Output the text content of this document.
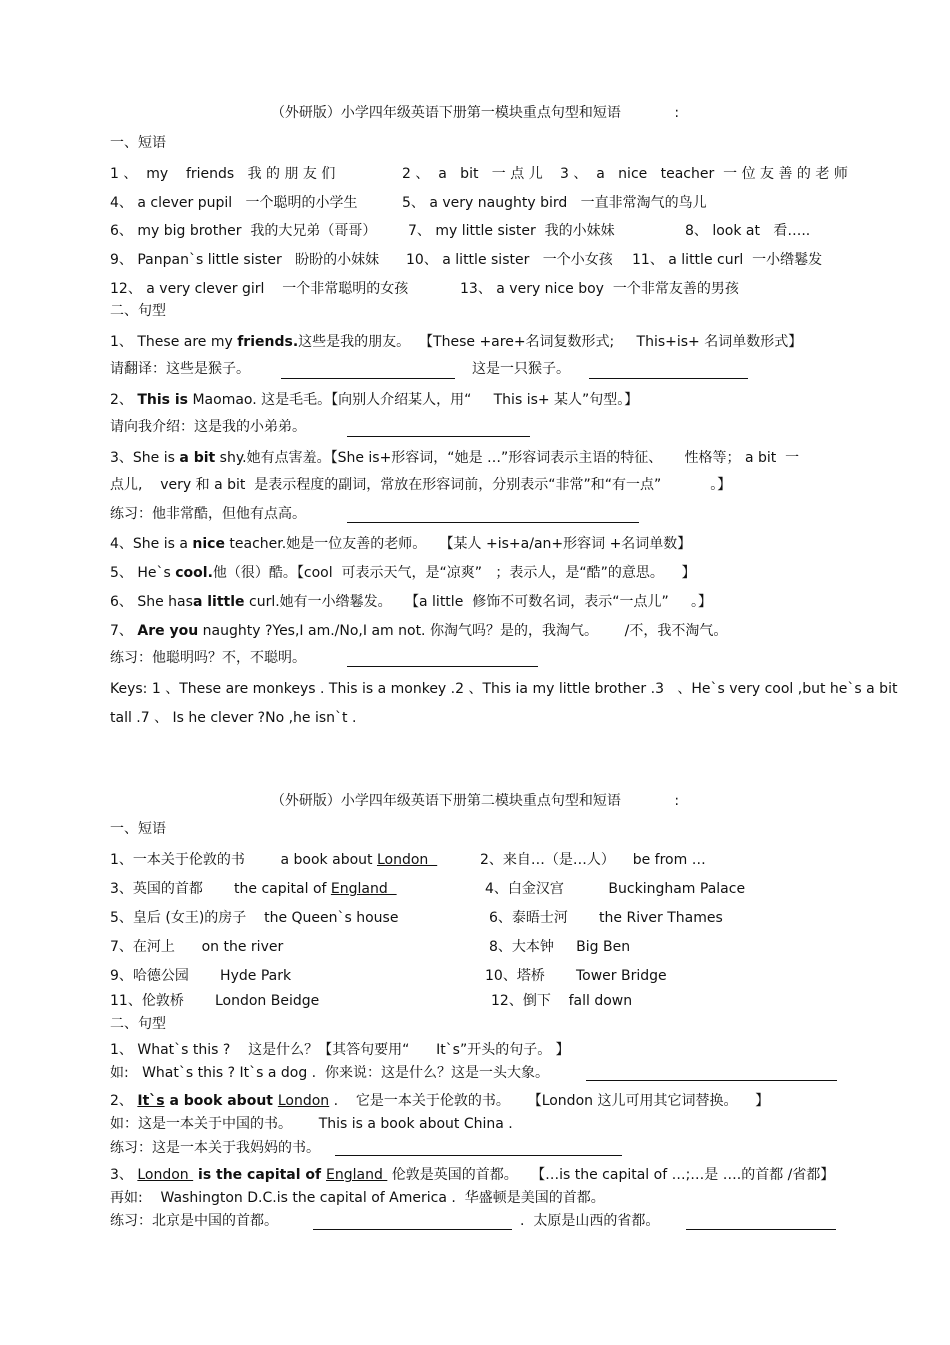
（外研版）小学四年级英语下册第一模块重点句型和短语            :
一、短语
1 、  my    friends   我 的 朋 友 们	2 、  a   bit   一 点 儿 3 、  a   nice   teacher  一 位 友 善 的 老 师
4、 a clever pupil   一个聪明的小学生	5、 a very naughty bird   一直非常淘气的鸟儿
6、 my big brother  我的大兄弟（哥哥） 7、 my little sister  我的小妹妹	8、 look at   看…..
9、 Panpan`s little sister   盼盼的小妹妹 10、 a little sister   一个小女孩 11、 a little curl  一小绺鬈发
12、 a very clever girl    一个非常聪明的女孩	13、 a very nice boy  一个非常友善的男孩
二、句型
1、 These are my friends.这些是我的朋友。  【These +are+名词复数形式;     This+is+ 名词单数形式】
请翻译：这些是猴子。	这是一只猴子。
2、 This is Maomao. 这是毛毛。【向别人介绍某人，用“     This is+ 某人”句型。】
请向我介绍：这是我的小弟弟。
3、She is a bit shy.她有点害羞。【She is+形容词，“她是 …”形容词表示主语的特征、     性格等； a bit  一
点儿,    very 和 a bit  是表示程度的副词，常放在形容词前，分别表示“非常”和“有一点”           。】
练习：他非常酷，但他有点高。
4、She is a nice teacher.她是一位友善的老师。   【某人 +is+a/an+形容词 +名词单数】
5、 He`s cool.他（很）酷。【cool  可表示天气，是“凉爽”   ；表示人，是“酷”的意思。    】
6、 She hasa little curl.她有一小绺鬈发。   【a little  修饰不可数名词，表示“一点儿”     。】
7、 Are you naughty ?Yes,I am./No,I am not. 你淘气吗？是的，我淘气。      /不，我不淘气。
练习：他聪明吗？不，不聪明。
Keys: 1 、These are monkeys . This is a monkey .2 、This ia my little brother .3   、He`s very cool ,but he`s a bit
tall .7 、 Is he clever ?No ,he isn`t .
（外研版）小学四年级英语下册第二模块重点句型和短语            :
一、短语
1、一本关于伦敦的书        a book about London	2、来自…（是…人）    be from …
3、英国的首都       the capital of England	4、白金汉宫          Buckingham Palace
5、皇后 (女王)的房子    the Queen`s house	6、泰晤士河       the River Thames
7、在河上      on the river	8、大本钟     Big Ben
9、哈德公园       Hyde Park	10、塔桥       Tower Bridge
11、伦敦桥       London Beidge	12、倒下    fall down
二、句型
1、 What`s this ?    这是什么？【其答句要用“      It`s”开头的句子。 】
如:   What`s this ? It`s a dog .  你来说：这是什么？这是一头大象。
2、 It`s a book about London .    它是一本关于伦敦的书。    【London 这儿可用其它词替换。    】
如：这是一本关于中国的书。      This is a book about China .
练习：这是一本关于我妈妈的书。
3、 London  is the capital of England  伦敦是英国的首都。   【…is the capital of …;…是 ….的首都 /省都】
再如:    Washington D.C.is the capital of America .  华盛顿是美国的首都。
练习：北京是中国的首都。	.  太原是山西的省都。
